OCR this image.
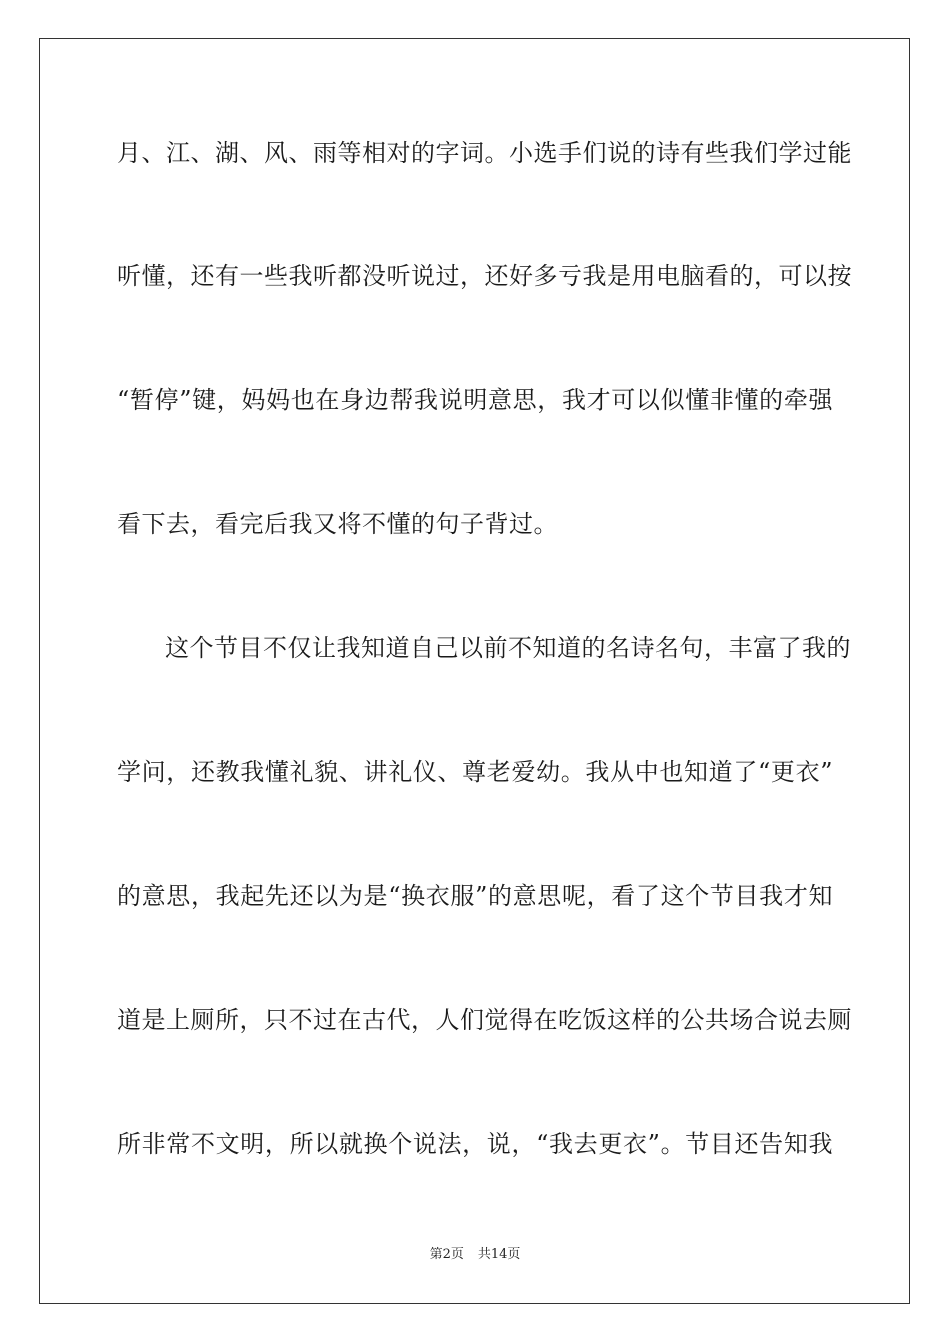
月、江、湖、风、雨等相对的字词。小选手们说的诗有些我们学过能
听懂，还有一些我听都没听说过，还好多亏我是用电脑看的，可以按
“暂停”键，妈妈也在身边帮我说明意思，我才可以似懂非懂的牵强
看下去，看完后我又将不懂的句子背过。
这个节目不仅让我知道自己以前不知道的名诗名句，丰富了我的
学问，还教我懂礼貌、讲礼仪、尊老爱幼。我从中也知道了“更衣”
的意思，我起先还以为是“换衣服”的意思呢，看了这个节目我才知
道是上厕所，只不过在古代，人们觉得在吃饭这样的公共场合说去厕
所非常不文明，所以就换个说法，说，“我去更衣”。节目还告知我
第2页 共14页
